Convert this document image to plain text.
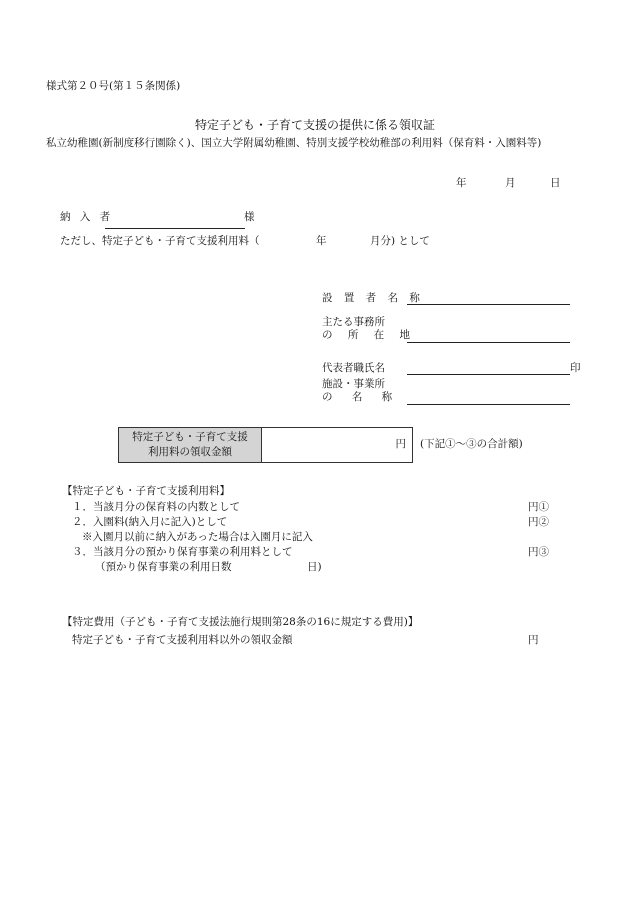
様式第２０号(第１５条関係)
特定子ども・子育て支援の提供に係る領収証
私立幼稚園(新制度移行園除く)、国立大学附属幼稚園、特別支援学校幼稚部の利用料（保育料・入園料等)
年	月	日
納 入 者	様
ただし、特定子ども・子育て支援利用料（	年	月分) として
設 置 者 名 称
主たる事務所
の 所 在 地
代表者職氏名	印
施設・事業所
の 名 称
特定子ども・子育て支援
利用料の領収金額
円 (下記①～③の合計額)
【特定子ども・子育て支援利用料】
１．当該月分の保育料の内数として	円①
２．入園料(納入月に記入)として	円②
※入園月以前に納入があった場合は入園月に記入
３．当該月分の預かり保育事業の利用料として	円③
（預かり保育事業の利用日数	日)
【特定費用（子ども・子育て支援法施行規則第28条の16に規定する費用)】
特定子ども・子育て支援利用料以外の領収金額	円
